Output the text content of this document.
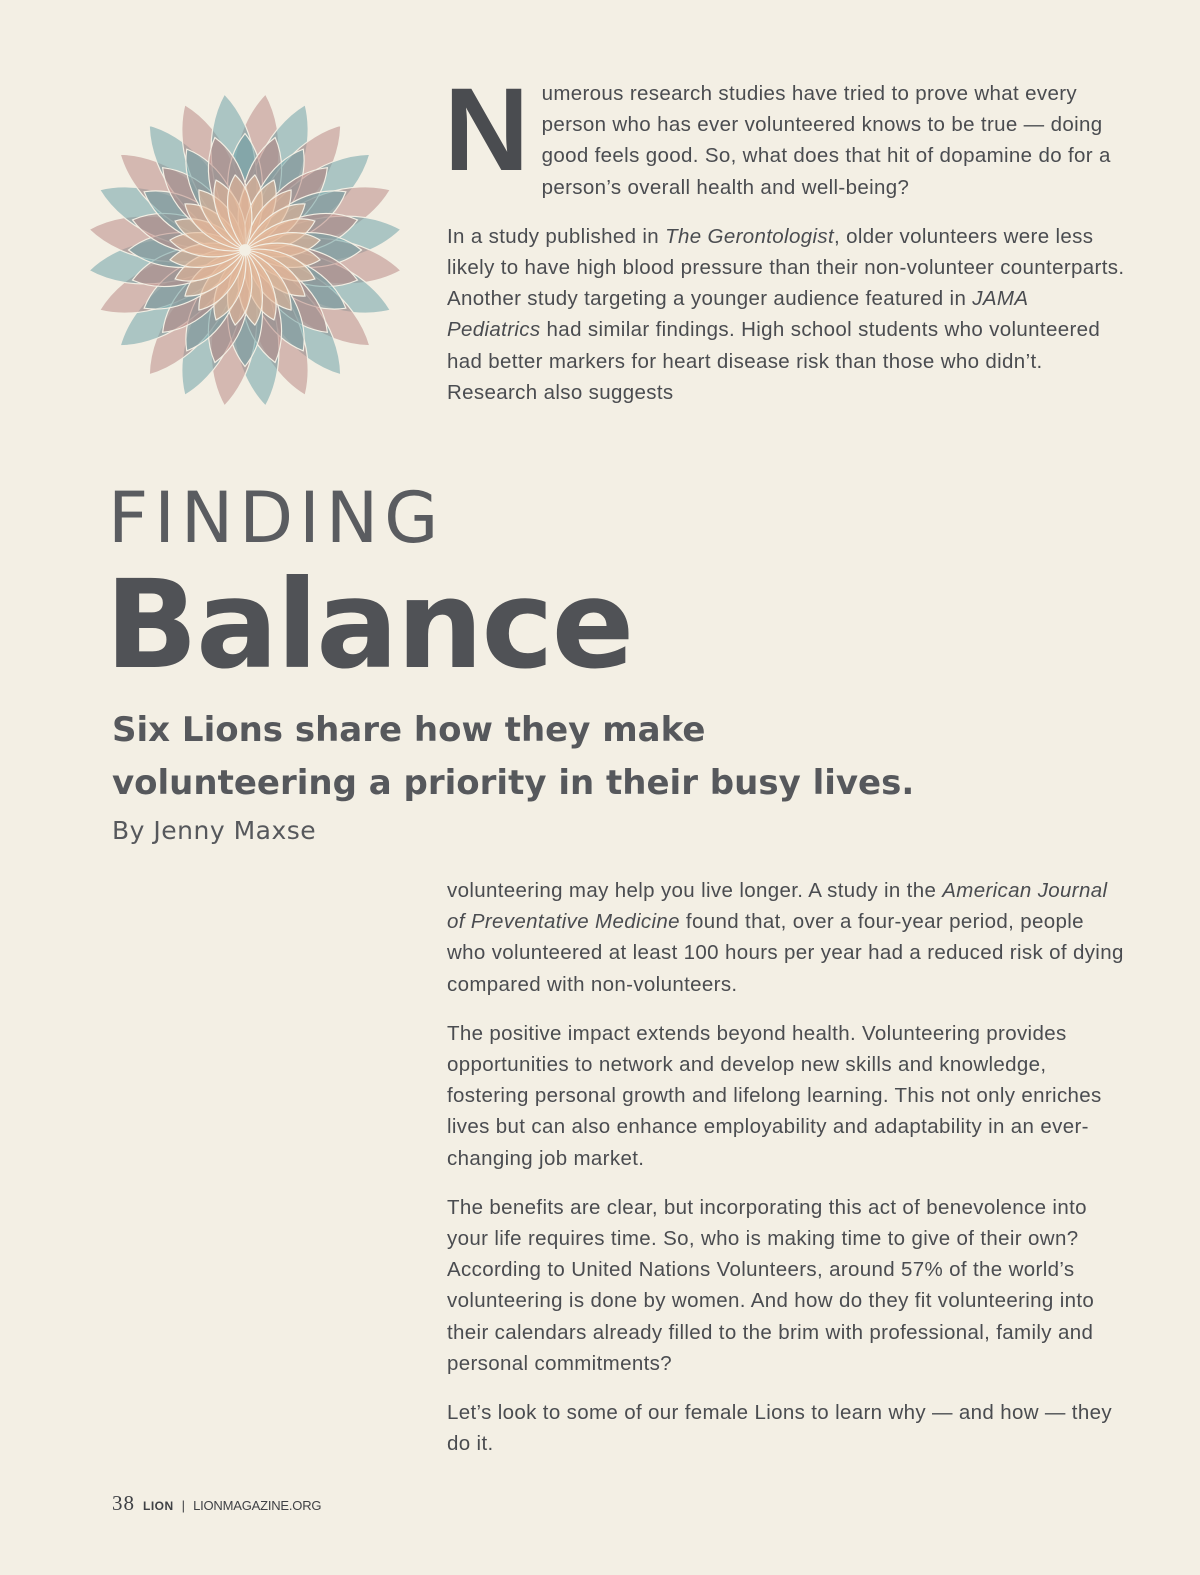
Numerous research studies have tried to prove what every person who has ever volunteered knows to be true — doing good feels good. So, what does that hit of dopamine do for a person’s overall health and well-being?

In a study published in The Gerontologist, older volunteers were less likely to have high blood pressure than their non-volunteer counterparts. Another study targeting a younger audience featured in JAMA Pediatrics had similar findings. High school students who volunteered had better markers for heart disease risk than those who didn’t. Research also suggests

FINDING
Balance
Six Lions share how they make
volunteering a priority in their busy lives.
By Jenny Maxse

volunteering may help you live longer. A study in the American Journal of Preventative Medicine found that, over a four-year period, people who volunteered at least 100 hours per year had a reduced risk of dying compared with non-volunteers.

The positive impact extends beyond health. Volunteering provides opportunities to network and develop new skills and knowledge, fostering personal growth and lifelong learning. This not only enriches lives but can also enhance employability and adaptability in an ever-changing job market.

The benefits are clear, but incorporating this act of benevolence into your life requires time. So, who is making time to give of their own? According to United Nations Volunteers, around 57% of the world’s volunteering is done by women. And how do they fit volunteering into their calendars already filled to the brim with professional, family and personal commitments?

Let’s look to some of our female Lions to learn why — and how — they do it.

38 LION | LIONMAGAZINE.ORG
